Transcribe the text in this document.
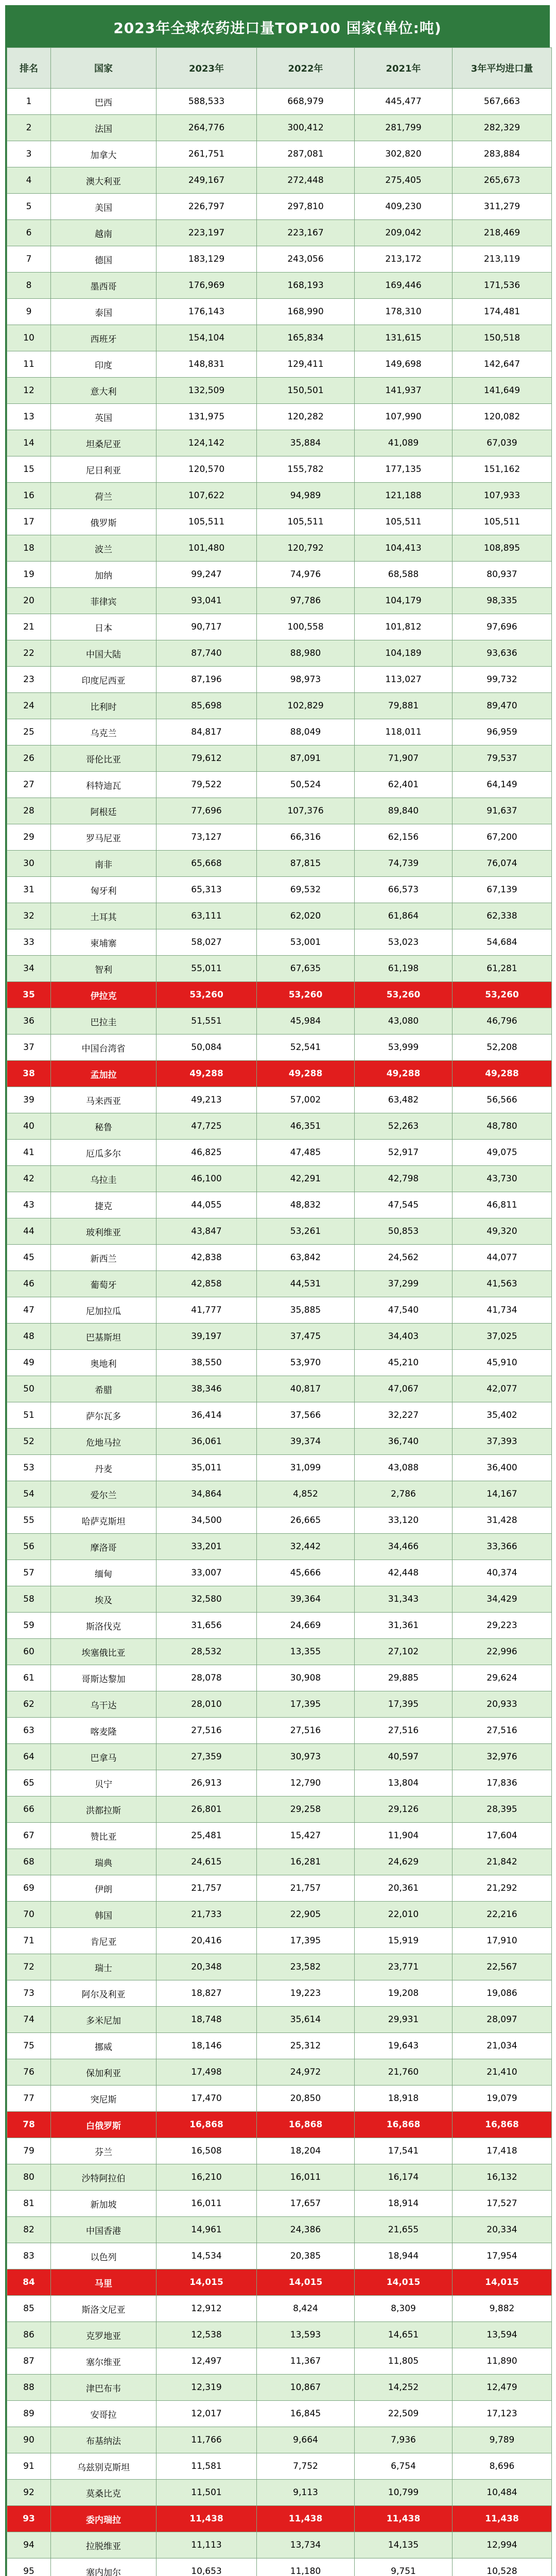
2023年全球农药进口量TOP100 国家(单位:吨)
排名	国家	2023年	2022年	2021年	3年平均进口量
1	巴西	588,533	668,979	445,477	567,663
2	法国	264,776	300,412	281,799	282,329
3	加拿大	261,751	287,081	302,820	283,884
4	澳大利亚	249,167	272,448	275,405	265,673
5	美国	226,797	297,810	409,230	311,279
6	越南	223,197	223,167	209,042	218,469
7	德国	183,129	243,056	213,172	213,119
8	墨西哥	176,969	168,193	169,446	171,536
9	泰国	176,143	168,990	178,310	174,481
10	西班牙	154,104	165,834	131,615	150,518
11	印度	148,831	129,411	149,698	142,647
12	意大利	132,509	150,501	141,937	141,649
13	英国	131,975	120,282	107,990	120,082
14	坦桑尼亚	124,142	35,884	41,089	67,039
15	尼日利亚	120,570	155,782	177,135	151,162
16	荷兰	107,622	94,989	121,188	107,933
17	俄罗斯	105,511	105,511	105,511	105,511
18	波兰	101,480	120,792	104,413	108,895
19	加纳	99,247	74,976	68,588	80,937
20	菲律宾	93,041	97,786	104,179	98,335
21	日本	90,717	100,558	101,812	97,696
22	中国大陆	87,740	88,980	104,189	93,636
23	印度尼西亚	87,196	98,973	113,027	99,732
24	比利时	85,698	102,829	79,881	89,470
25	乌克兰	84,817	88,049	118,011	96,959
26	哥伦比亚	79,612	87,091	71,907	79,537
27	科特迪瓦	79,522	50,524	62,401	64,149
28	阿根廷	77,696	107,376	89,840	91,637
29	罗马尼亚	73,127	66,316	62,156	67,200
30	南非	65,668	87,815	74,739	76,074
31	匈牙利	65,313	69,532	66,573	67,139
32	土耳其	63,111	62,020	61,864	62,338
33	柬埔寨	58,027	53,001	53,023	54,684
34	智利	55,011	67,635	61,198	61,281
35	伊拉克	53,260	53,260	53,260	53,260
36	巴拉圭	51,551	45,984	43,080	46,796
37	中国台湾省	50,084	52,541	53,999	52,208
38	孟加拉	49,288	49,288	49,288	49,288
39	马来西亚	49,213	57,002	63,482	56,566
40	秘鲁	47,725	46,351	52,263	48,780
41	厄瓜多尔	46,825	47,485	52,917	49,075
42	乌拉圭	46,100	42,291	42,798	43,730
43	捷克	44,055	48,832	47,545	46,811
44	玻利维亚	43,847	53,261	50,853	49,320
45	新西兰	42,838	63,842	24,562	44,077
46	葡萄牙	42,858	44,531	37,299	41,563
47	尼加拉瓜	41,777	35,885	47,540	41,734
48	巴基斯坦	39,197	37,475	34,403	37,025
49	奥地利	38,550	53,970	45,210	45,910
50	希腊	38,346	40,817	47,067	42,077
51	萨尔瓦多	36,414	37,566	32,227	35,402
52	危地马拉	36,061	39,374	36,740	37,393
53	丹麦	35,011	31,099	43,088	36,400
54	爱尔兰	34,864	4,852	2,786	14,167
55	哈萨克斯坦	34,500	26,665	33,120	31,428
56	摩洛哥	33,201	32,442	34,466	33,366
57	缅甸	33,007	45,666	42,448	40,374
58	埃及	32,580	39,364	31,343	34,429
59	斯洛伐克	31,656	24,669	31,361	29,223
60	埃塞俄比亚	28,532	13,355	27,102	22,996
61	哥斯达黎加	28,078	30,908	29,885	29,624
62	乌干达	28,010	17,395	17,395	20,933
63	喀麦隆	27,516	27,516	27,516	27,516
64	巴拿马	27,359	30,973	40,597	32,976
65	贝宁	26,913	12,790	13,804	17,836
66	洪都拉斯	26,801	29,258	29,126	28,395
67	赞比亚	25,481	15,427	11,904	17,604
68	瑞典	24,615	16,281	24,629	21,842
69	伊朗	21,757	21,757	20,361	21,292
70	韩国	21,733	22,905	22,010	22,216
71	肯尼亚	20,416	17,395	15,919	17,910
72	瑞士	20,348	23,582	23,771	22,567
73	阿尔及利亚	18,827	19,223	19,208	19,086
74	多米尼加	18,748	35,614	29,931	28,097
75	挪威	18,146	25,312	19,643	21,034
76	保加利亚	17,498	24,972	21,760	21,410
77	突尼斯	17,470	20,850	18,918	19,079
78	白俄罗斯	16,868	16,868	16,868	16,868
79	芬兰	16,508	18,204	17,541	17,418
80	沙特阿拉伯	16,210	16,011	16,174	16,132
81	新加坡	16,011	17,657	18,914	17,527
82	中国香港	14,961	24,386	21,655	20,334
83	以色列	14,534	20,385	18,944	17,954
84	马里	14,015	14,015	14,015	14,015
85	斯洛文尼亚	12,912	8,424	8,309	9,882
86	克罗地亚	12,538	13,593	14,651	13,594
87	塞尔维亚	12,497	11,367	11,805	11,890
88	津巴布韦	12,319	10,867	14,252	12,479
89	安哥拉	12,017	16,845	22,509	17,123
90	布基纳法	11,766	9,664	7,936	9,789
91	乌兹别克斯坦	11,581	7,752	6,754	8,696
92	莫桑比克	11,501	9,113	10,799	10,484
93	委内瑞拉	11,438	11,438	11,438	11,438
94	拉脱维亚	11,113	13,734	14,135	12,994
95	塞内加尔	10,653	11,180	9,751	10,528
